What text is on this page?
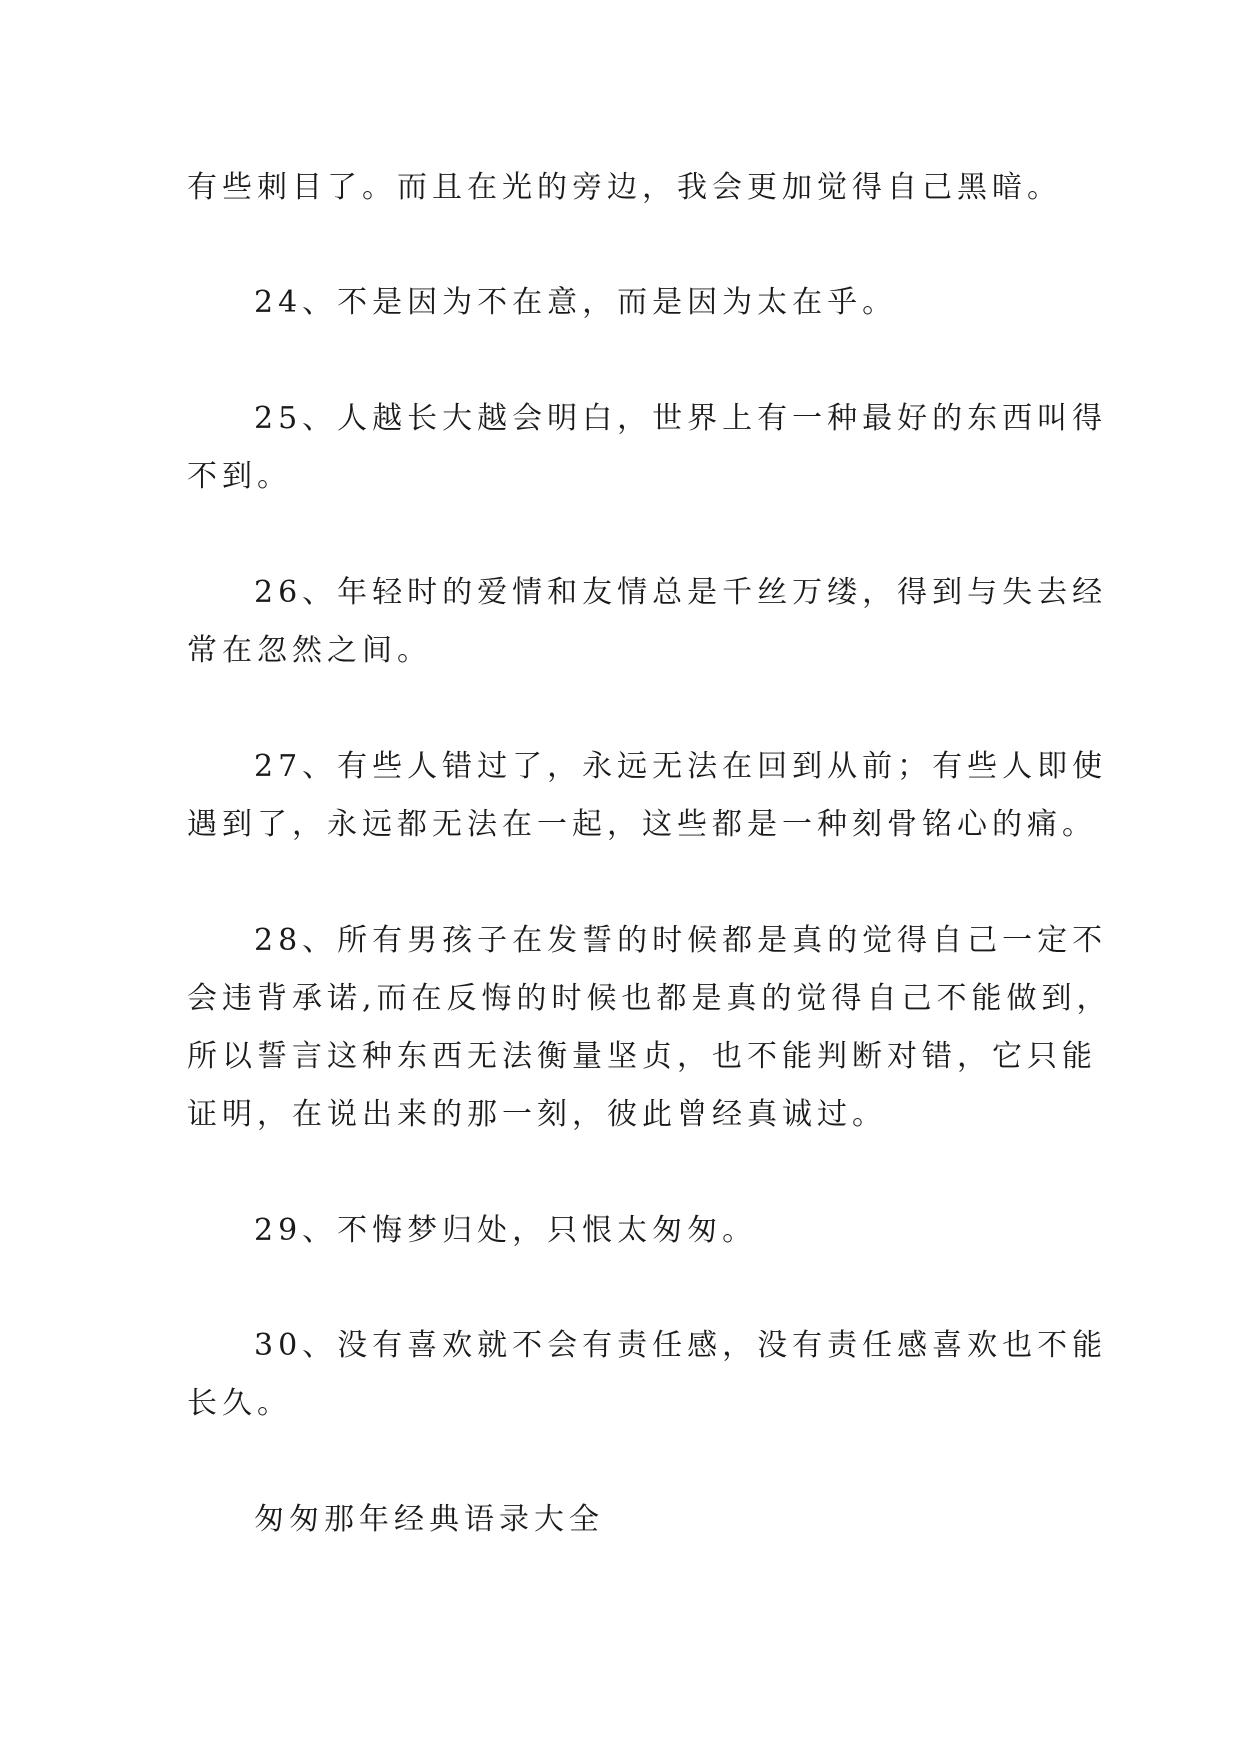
有些刺目了。而且在光的旁边，我会更加觉得自己黑暗。
24、不是因为不在意，而是因为太在乎。
25、人越长大越会明白，世界上有一种最好的东西叫得
不到。
26、年轻时的爱情和友情总是千丝万缕，得到与失去经
常在忽然之间。
27、有些人错过了，永远无法在回到从前；有些人即使
遇到了，永远都无法在一起，这些都是一种刻骨铭心的痛。
28、所有男孩子在发誓的时候都是真的觉得自己一定不
会违背承诺,而在反悔的时候也都是真的觉得自己不能做到，
所以誓言这种东西无法衡量坚贞，也不能判断对错，它只能
证明，在说出来的那一刻，彼此曾经真诚过。
29、不悔梦归处，只恨太匆匆。
30、没有喜欢就不会有责任感，没有责任感喜欢也不能
长久。
匆匆那年经典语录大全
